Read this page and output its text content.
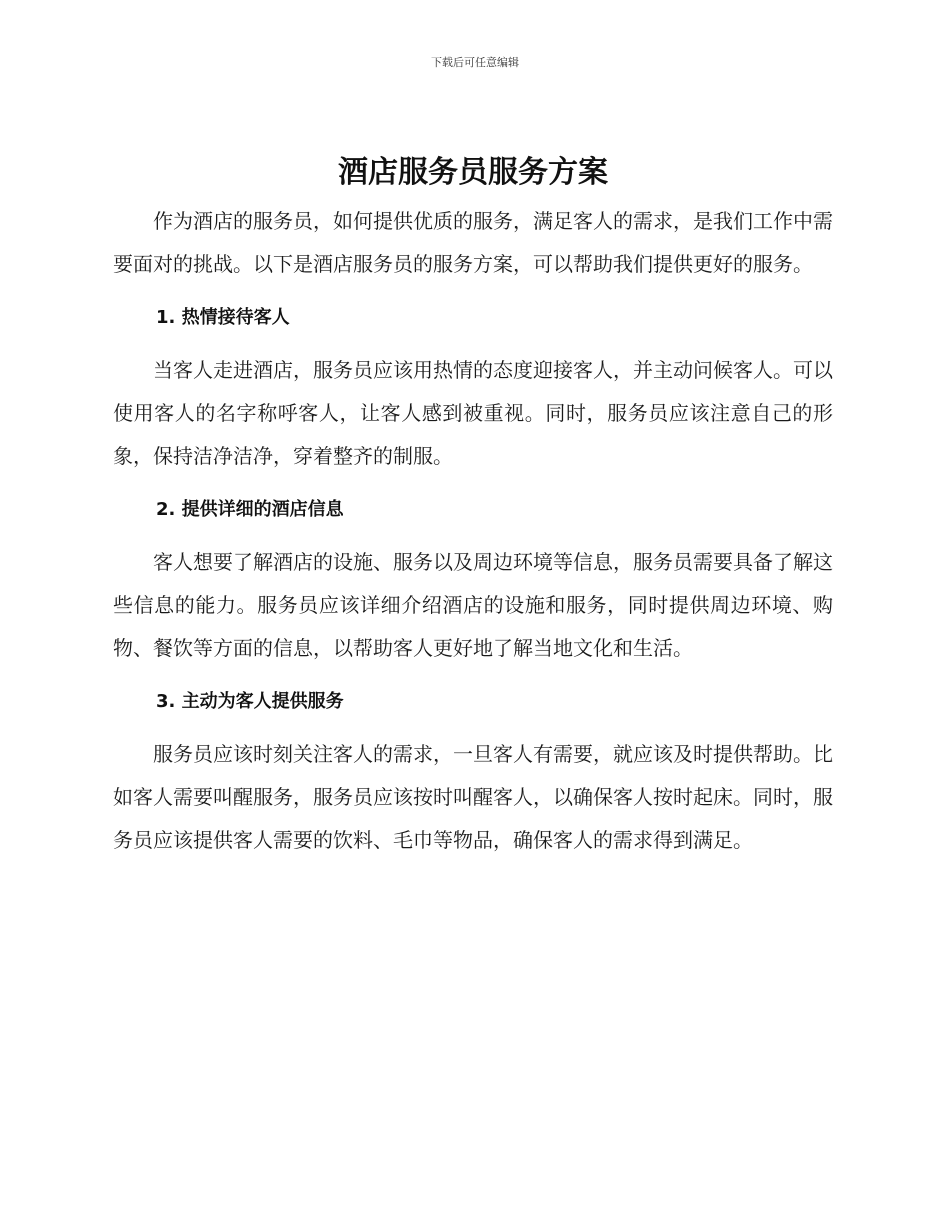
下载后可任意编辑
酒店服务员服务方案

作为酒店的服务员，如何提供优质的服务，满足客人的需求，是我们工作中需要面对的挑战。以下是酒店服务员的服务方案，可以帮助我们提供更好的服务。

1. 热情接待客人

当客人走进酒店，服务员应该用热情的态度迎接客人，并主动问候客人。可以使用客人的名字称呼客人，让客人感到被重视。同时，服务员应该注意自己的形象，保持洁净洁净，穿着整齐的制服。

2. 提供详细的酒店信息

客人想要了解酒店的设施、服务以及周边环境等信息，服务员需要具备了解这些信息的能力。服务员应该详细介绍酒店的设施和服务，同时提供周边环境、购物、餐饮等方面的信息，以帮助客人更好地了解当地文化和生活。

3. 主动为客人提供服务

服务员应该时刻关注客人的需求，一旦客人有需要，就应该及时提供帮助。比如客人需要叫醒服务，服务员应该按时叫醒客人，以确保客人按时起床。同时，服务员应该提供客人需要的饮料、毛巾等物品，确保客人的需求得到满足。
